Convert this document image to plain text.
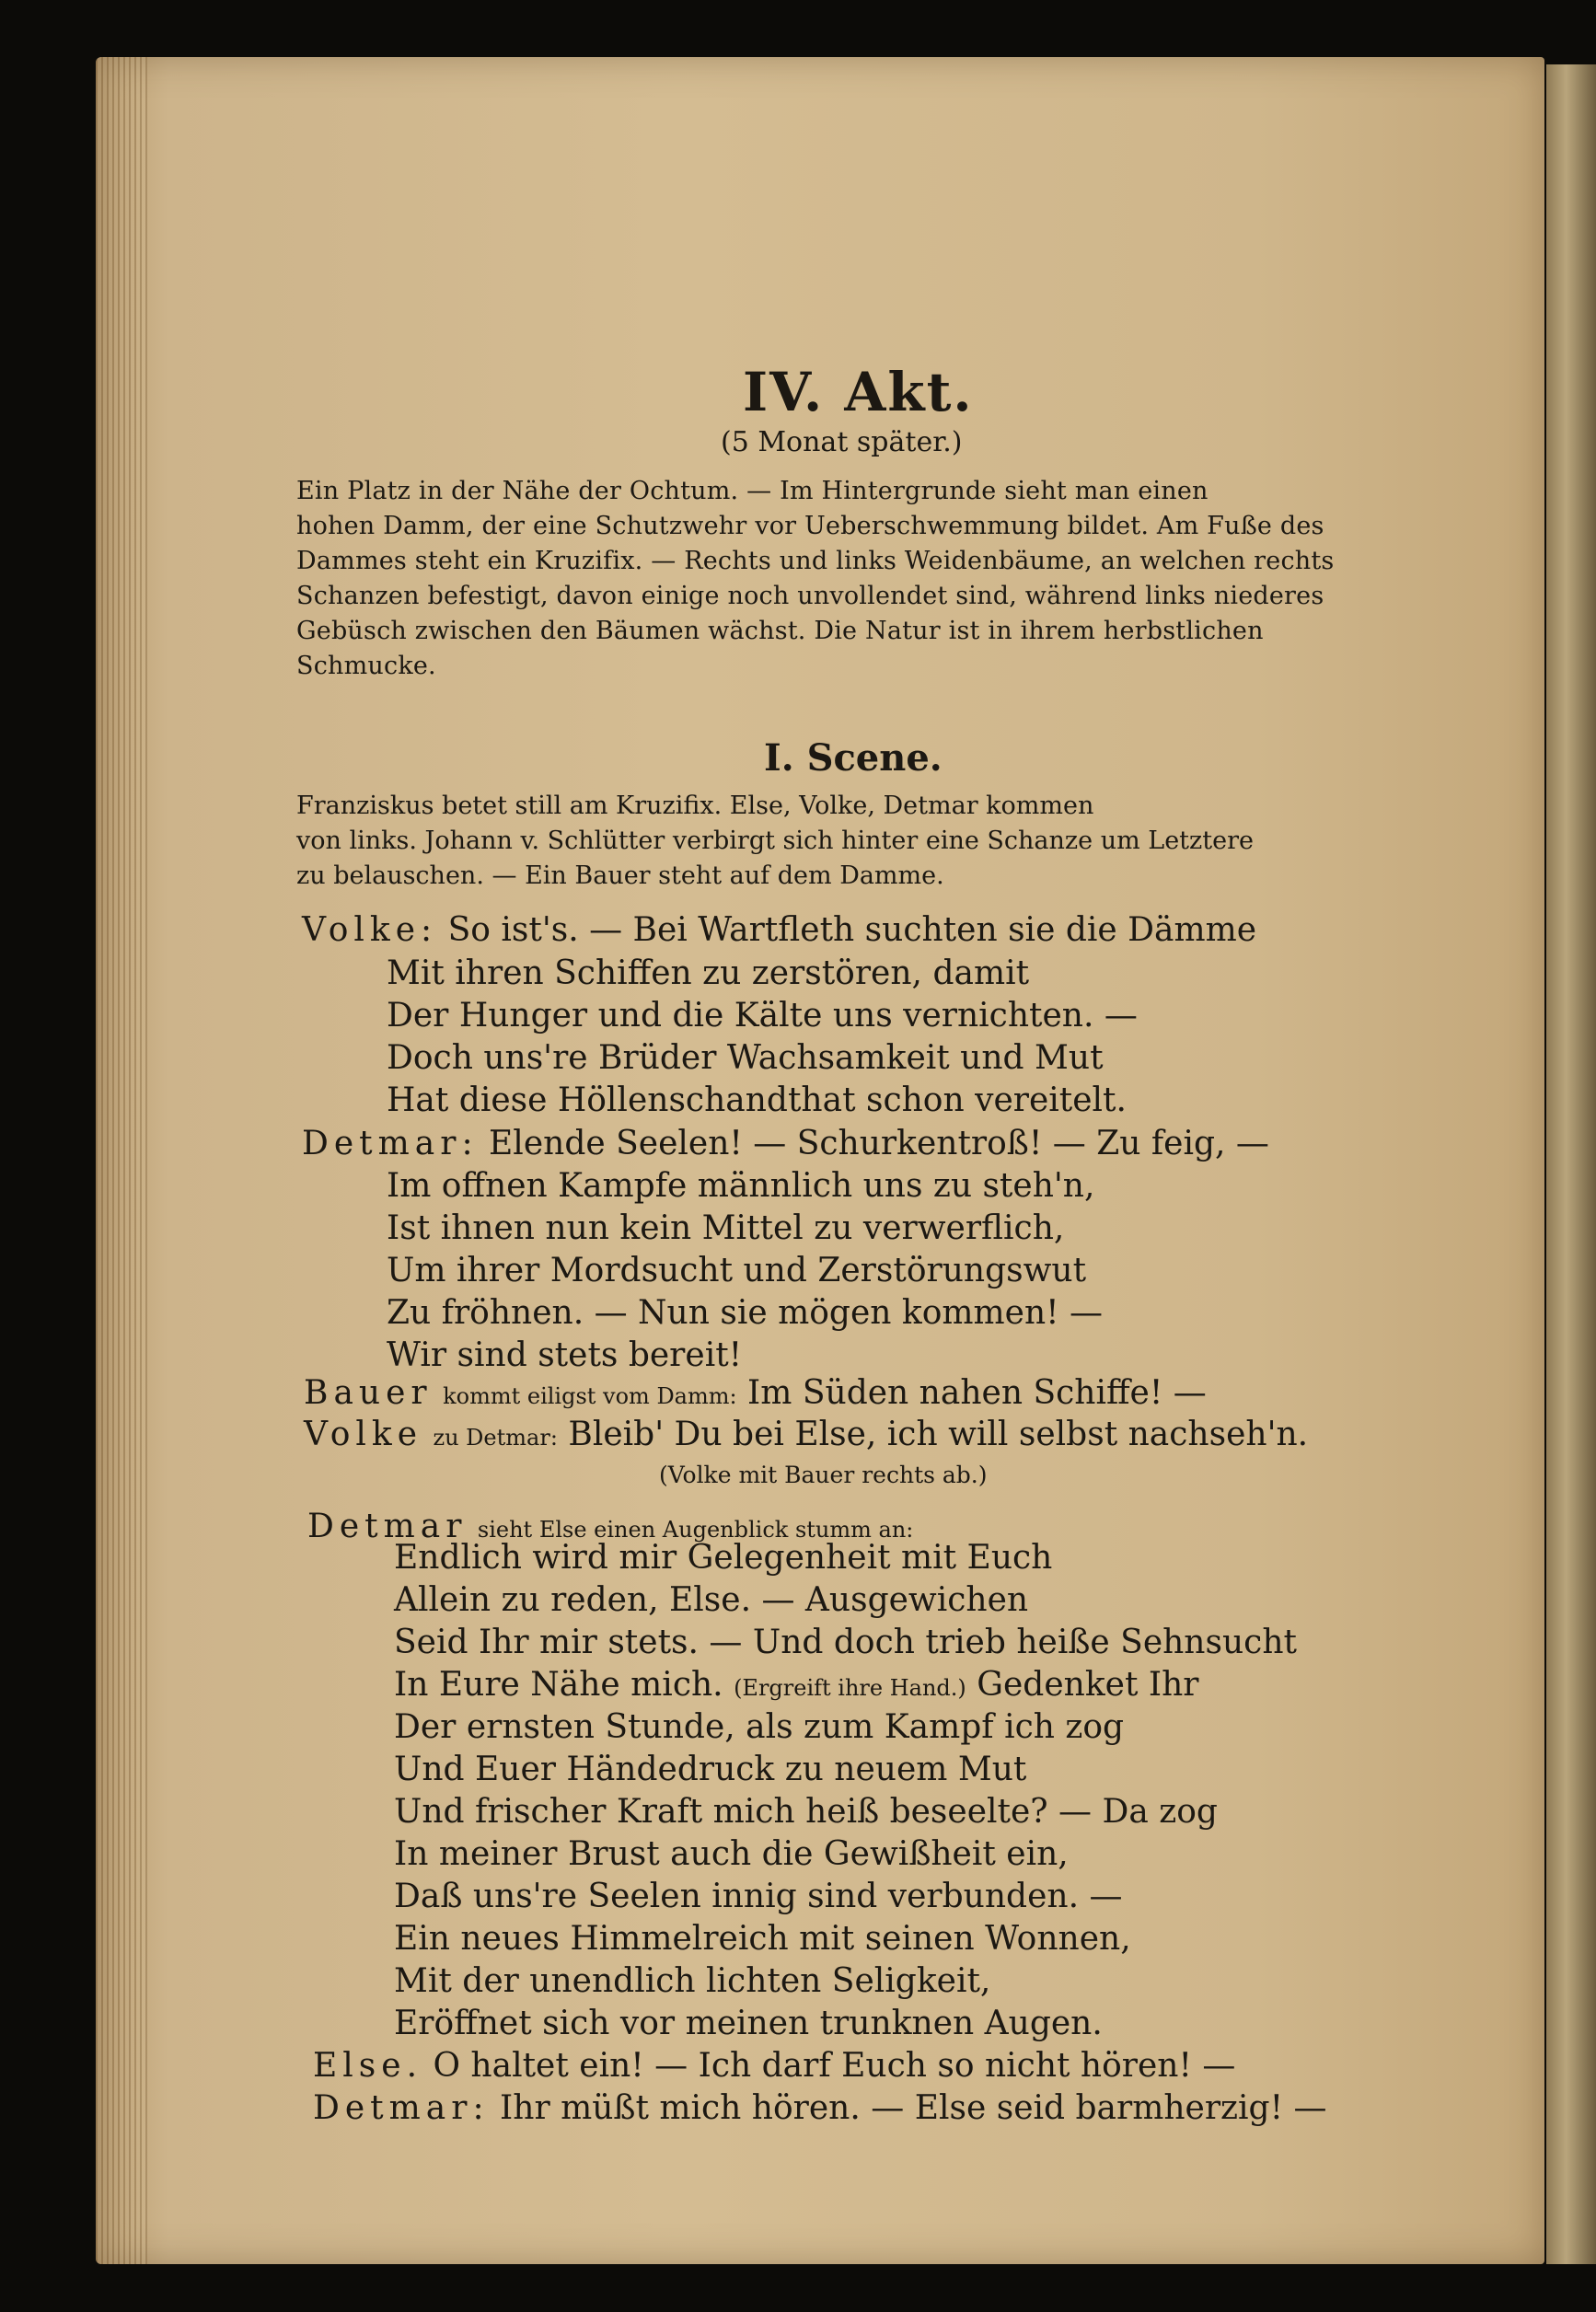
IV. Akt.
(5 Monat später.)
Ein Platz in der Nähe der Ochtum. — Im Hintergrunde sieht man einen
hohen Damm, der eine Schutzwehr vor Ueberschwemmung bildet. Am Fuße des
Dammes steht ein Kruzifix. — Rechts und links Weidenbäume, an welchen rechts
Schanzen befestigt, davon einige noch unvollendet sind, während links niederes
Gebüsch zwischen den Bäumen wächst. Die Natur ist in ihrem herbstlichen
Schmucke.
I. Scene.
Franziskus betet still am Kruzifix. Else, Volke, Detmar kommen
von links. Johann v. Schlütter verbirgt sich hinter eine Schanze um Letztere
zu belauschen. — Ein Bauer steht auf dem Damme.
Volke: So ist's. — Bei Wartfleth suchten sie die Dämme
Mit ihren Schiffen zu zerstören, damit
Der Hunger und die Kälte uns vernichten. —
Doch uns're Brüder Wachsamkeit und Mut
Hat diese Höllenschandthat schon vereitelt.
Detmar: Elende Seelen! — Schurkentroß! — Zu feig, —
Im offnen Kampfe männlich uns zu steh'n,
Ist ihnen nun kein Mittel zu verwerflich,
Um ihrer Mordsucht und Zerstörungswut
Zu fröhnen. — Nun sie mögen kommen! —
Wir sind stets bereit!
Bauer kommt eiligst vom Damm: Im Süden nahen Schiffe! —
Volke zu Detmar: Bleib' Du bei Else, ich will selbst nachseh'n.
(Volke mit Bauer rechts ab.)
Detmar sieht Else einen Augenblick stumm an:
Endlich wird mir Gelegenheit mit Euch
Allein zu reden, Else. — Ausgewichen
Seid Ihr mir stets. — Und doch trieb heiße Sehnsucht
In Eure Nähe mich. (Ergreift ihre Hand.) Gedenket Ihr
Der ernsten Stunde, als zum Kampf ich zog
Und Euer Händedruck zu neuem Mut
Und frischer Kraft mich heiß beseelte? — Da zog
In meiner Brust auch die Gewißheit ein,
Daß uns're Seelen innig sind verbunden. —
Ein neues Himmelreich mit seinen Wonnen,
Mit der unendlich lichten Seligkeit,
Eröffnet sich vor meinen trunknen Augen.
Else. O haltet ein! — Ich darf Euch so nicht hören! —
Detmar: Ihr müßt mich hören. — Else seid barmherzig! —
